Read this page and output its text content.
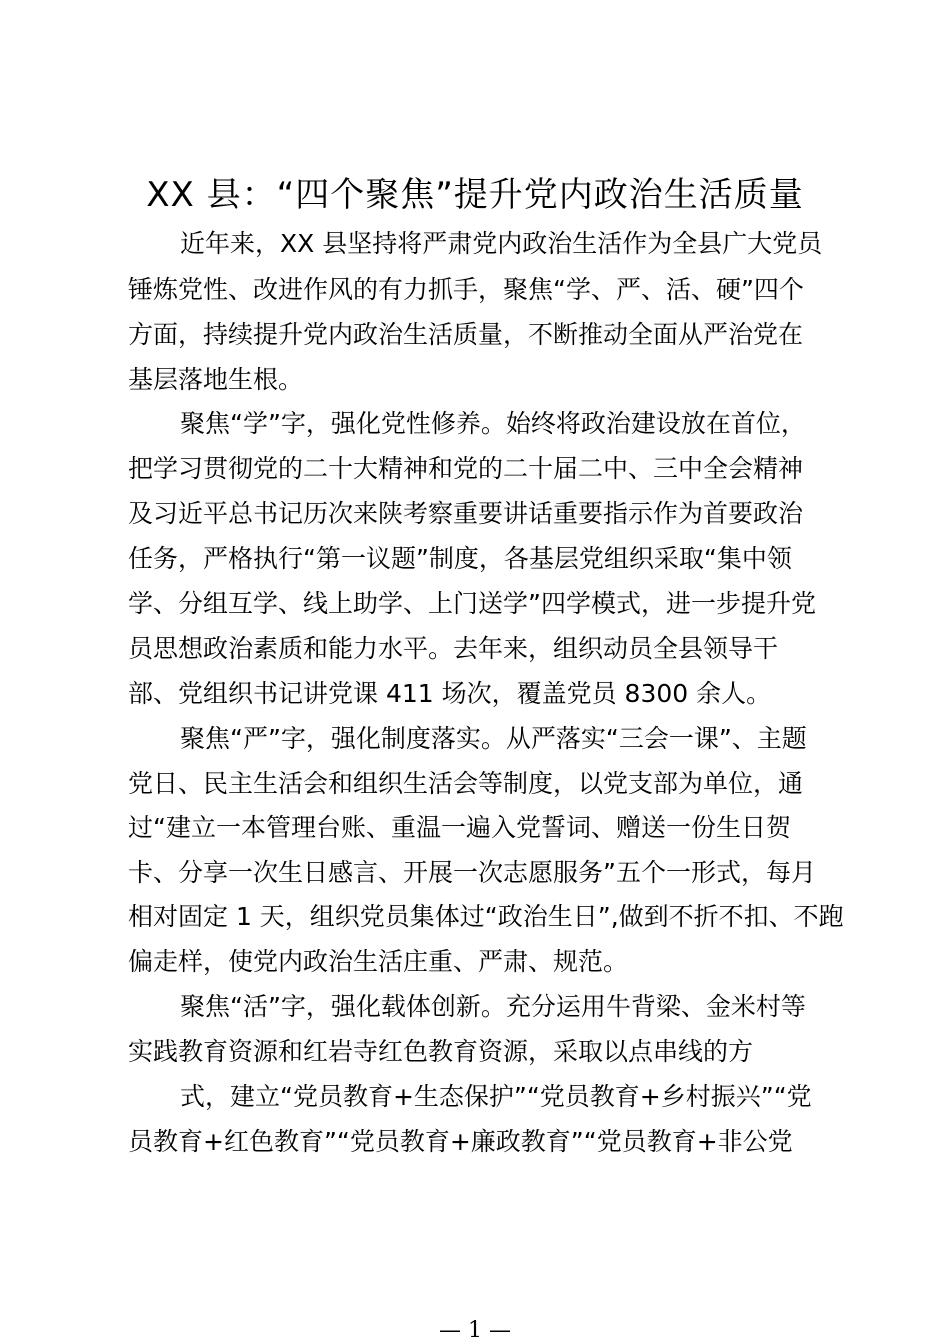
XX 县：“四个聚焦”提升党内政治生活质量
近年来，XX 县坚持将严肃党内政治生活作为全县广大党员
锤炼党性、改进作风的有力抓手，聚焦“学、严、活、硬”四个
方面，持续提升党内政治生活质量，不断推动全面从严治党在
基层落地生根。
聚焦“学”字，强化党性修养。始终将政治建设放在首位，
把学习贯彻党的二十大精神和党的二十届二中、三中全会精神
及习近平总书记历次来陕考察重要讲话重要指示作为首要政治
任务，严格执行“第一议题”制度，各基层党组织采取“集中领
学、分组互学、线上助学、上门送学”四学模式，进一步提升党
员思想政治素质和能力水平。去年来，组织动员全县领导干
部、党组织书记讲党课 411 场次，覆盖党员 8300 余人。
聚焦“严”字，强化制度落实。从严落实“三会一课”、主题
党日、民主生活会和组织生活会等制度，以党支部为单位，通
过“建立一本管理台账、重温一遍入党誓词、赠送一份生日贺
卡、分享一次生日感言、开展一次志愿服务”五个一形式，每月
相对固定 1 天，组织党员集体过“政治生日”,做到不折不扣、不跑
偏走样，使党内政治生活庄重、严肃、规范。
聚焦“活”字，强化载体创新。充分运用牛背梁、金米村等
实践教育资源和红岩寺红色教育资源，采取以点串线的方
式，建立“党员教育+生态保护”“党员教育+乡村振兴”“党
员教育+红色教育”“党员教育+廉政教育”“党员教育+非公党
— 1 —
